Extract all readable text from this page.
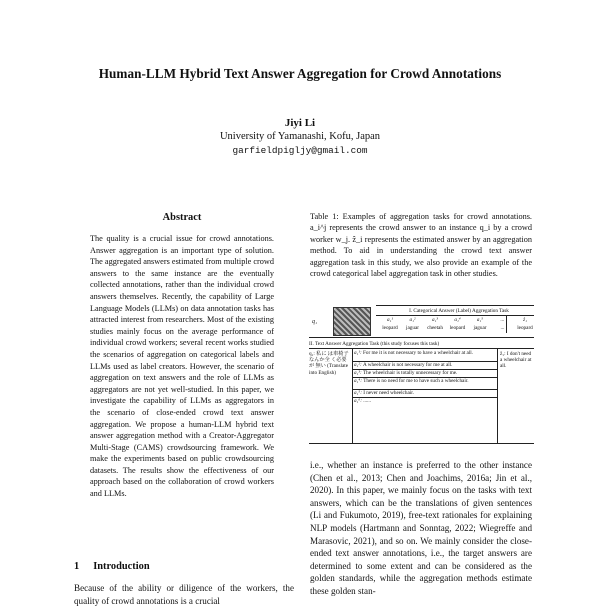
Human-LLM Hybrid Text Answer Aggregation for Crowd Annotations
Jiyi Li
University of Yamanashi, Kofu, Japan
garfieldpigljy@gmail.com
Abstract
The quality is a crucial issue for crowd annotations. Answer aggregation is an important type of solution. The aggregated answers estimated from multiple crowd answers to the same instance are the eventually collected annotations, rather than the individual crowd answers themselves. Recently, the capability of Large Language Models (LLMs) on data annotation tasks has attracted interest from researchers. Most of the existing studies mainly focus on the average performance of individual crowd workers; several recent works studied the scenarios of aggregation on categorical labels and LLMs used as label creators. However, the scenario of aggregation on text answers and the role of LLMs as aggregators are not yet well-studied. In this paper, we investigate the capability of LLMs as aggregators in the scenario of close-ended crowd text answer aggregation. We propose a human-LLM hybrid text answer aggregation method with a Creator-Aggregator Multi-Stage (CAMS) crowdsourcing framework. We make the experiments based on public crowdsourcing datasets. The results show the effectiveness of our approach based on the collaboration of crowd workers and LLMs.
1 Introduction
Because of the ability or diligence of the workers, the quality of crowd annotations is a crucial
Table 1: Examples of aggregation tasks for crowd annotations. a_i^j represents the crowd answer to an instance q_i by a crowd worker w_j. ẑ_i represents the estimated answer by an aggregation method. To aid in understanding the crowd text answer aggregation task in this study, we also provide an example of the crowd categorical label aggregation task in other studies.
q₁
I. Categorical Answer (Label) Aggregation Task
a₁¹	a₁²	a₁³	a₁⁴	a₁⁵	...	ẑ₁
leopard	jaguar	cheetah	leopard	jaguar	...	leopard
II. Text Answer Aggregation Task (this study focuses this task)
q₁: 私に は車椅子 なんか全 く必要が 無い (Translate into English)
a₁¹: For me it is not necessary to have a wheelchair at all.
a₁²: A wheelchair is not necessary for me at all.
a₁³: The wheelchair is totally unnecessary for me.
a₁⁴: There is no need for me to have such a wheelchair.
a₁⁵: I never need wheelchair.
a₁⁶: ......
ẑ₁: I don't need a wheelchair at all.
i.e., whether an instance is preferred to the other instance (Chen et al., 2013; Chen and Joachims, 2016a; Jin et al., 2020). In this paper, we mainly focus on the tasks with text answers, which can be the translations of given sentences (Li and Fukumoto, 2019), free-text rationales for explaining NLP models (Hartmann and Sonntag, 2022; Wiegreffe and Marasovic, 2021), and so on. We mainly consider the close-ended text answer annotations, i.e., the target answers are determined to some extent and can be considered as the golden standards, while the aggregation methods estimate these golden stan-
